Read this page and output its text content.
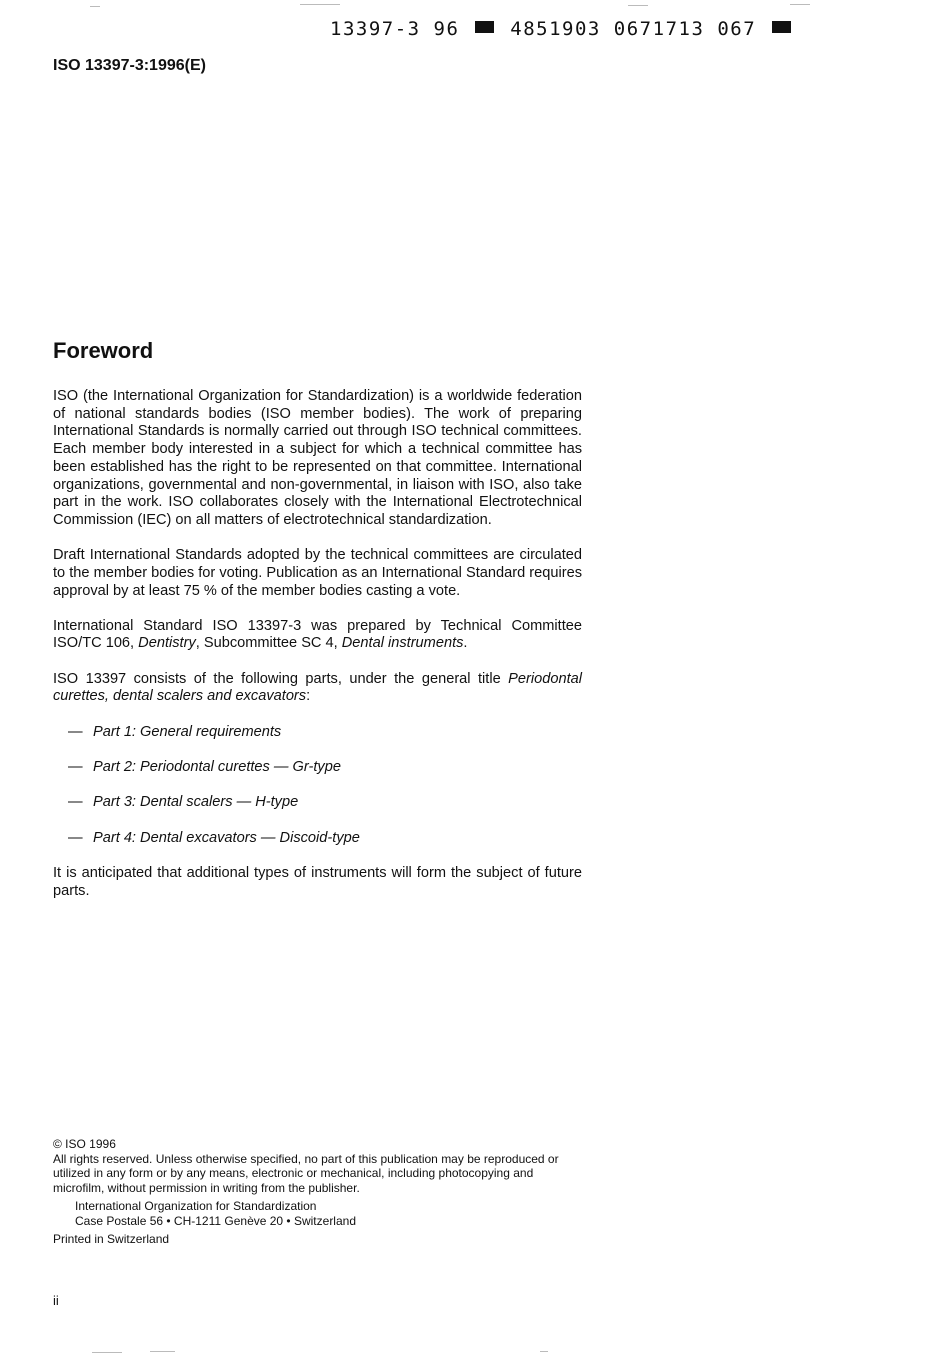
13397-3 96	4851903 0671713 067
ISO 13397-3:1996(E)
Foreword

ISO (the International Organization for Standardization) is a worldwide federation of national standards bodies (ISO member bodies). The work of preparing International Standards is normally carried out through ISO technical committees. Each member body interested in a subject for which a technical committee has been established has the right to be represented on that committee. International organizations, governmental and non-governmental, in liaison with ISO, also take part in the work. ISO collaborates closely with the International Electrotechnical Commission (IEC) on all matters of electrotechnical standardization.

Draft International Standards adopted by the technical committees are circulated to the member bodies for voting. Publication as an International Standard requires approval by at least 75 % of the member bodies casting a vote.

International Standard ISO 13397-3 was prepared by Technical Committee ISO/TC 106, Dentistry, Subcommittee SC 4, Dental instruments.

ISO 13397 consists of the following parts, under the general title Periodontal curettes, dental scalers and excavators:

— Part 1: General requirements
— Part 2: Periodontal curettes — Gr-type
— Part 3: Dental scalers — H-type
— Part 4: Dental excavators — Discoid-type

It is anticipated that additional types of instruments will form the subject of future parts.

© ISO 1996

All rights reserved. Unless otherwise specified, no part of this publication may be reproduced or utilized in any form or by any means, electronic or mechanical, including photocopying and microfilm, without permission in writing from the publisher.

International Organization for Standardization

Case Postale 56 • CH-1211 Genève 20 • Switzerland

Printed in Switzerland

ii
